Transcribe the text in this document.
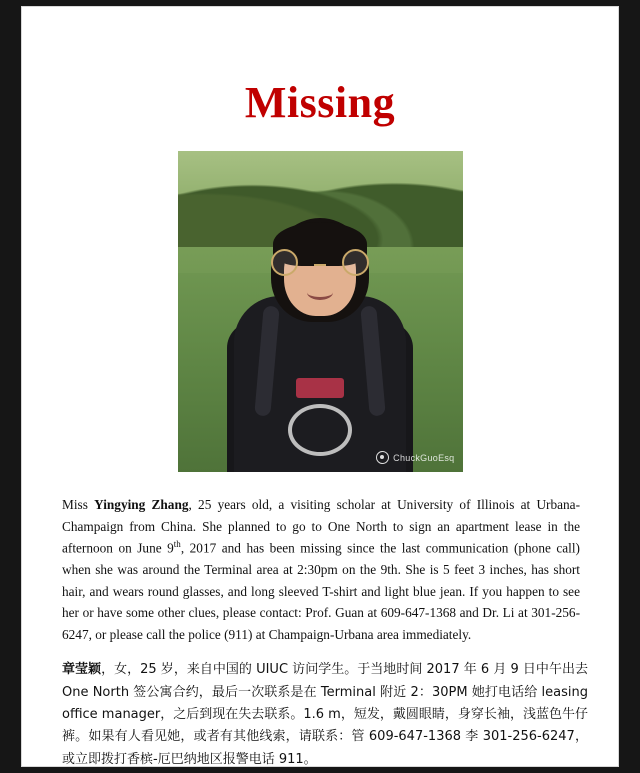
Missing
ChuckGuoEsq

Miss Yingying Zhang, 25 years old, a visiting scholar at University of Illinois at Urbana-Champaign from China. She planned to go to One North to sign an apartment lease in the afternoon on June 9th, 2017 and has been missing since the last communication (phone call) when she was around the Terminal area at 2:30pm on the 9th. She is 5 feet 3 inches, has short hair, and wears round glasses, and long sleeved T-shirt and light blue jean. If you happen to see her or have some other clues, please contact: Prof. Guan at 609-647-1368 and Dr. Li at 301-256-6247, or please call the police (911) at Champaign-Urbana area immediately.

章莹颖，女，25 岁，来自中国的 UIUC 访问学生。于当地时间 2017 年 6 月 9 日中午出去 One North 签公寓合约，最后一次联系是在 Terminal 附近 2：30PM 她打电话给 leasing office manager，之后到现在失去联系。1.6 m，短发，戴圆眼睛，身穿长袖，浅蓝色牛仔裤。如果有人看见她，或者有其他线索，请联系：管 609-647-1368 李 301-256-6247，或立即拨打香槟-厄巴纳地区报警电话 911。
